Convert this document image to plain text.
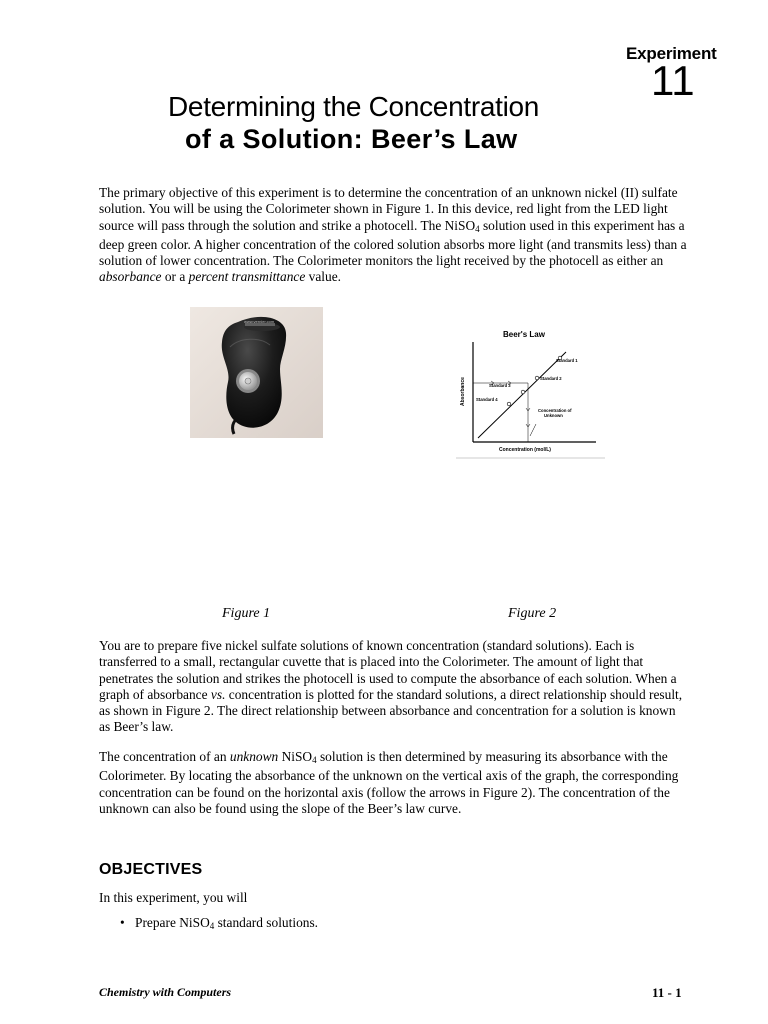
Experiment
11
Determining the Concentration
of a Solution: Beer’s Law
The primary objective of this experiment is to determine the concentration of an unknown nickel (II) sulfate solution. You will be using the Colorimeter shown in Figure 1. In this device, red light from the LED light source will pass through the solution and strike a photocell. The NiSO$_4$ solution used in this experiment has a deep green color. A higher concentration of the colored solution absorbs more light (and transmits less) than a solution of lower concentration. The Colorimeter monitors the light received by the photocell as either an absorbance or a percent transmittance value.
www.vernier.com
Beer's Law
Absorbance
Concentration (mol/L)
Standard 1
Standard 2
Standard 3
Standard 4
Concentration of
Unknown
Figure 1	Figure 2
You are to prepare five nickel sulfate solutions of known concentration (standard solutions). Each is transferred to a small, rectangular cuvette that is placed into the Colorimeter. The amount of light that penetrates the solution and strikes the photocell is used to compute the absorbance of each solution. When a graph of absorbance vs. concentration is plotted for the standard solutions, a direct relationship should result, as shown in Figure 2. The direct relationship between absorbance and concentration for a solution is known as Beer’s law.
The concentration of an unknown NiSO$_4$ solution is then determined by measuring its absorbance with the Colorimeter. By locating the absorbance of the unknown on the vertical axis of the graph, the corresponding concentration can be found on the horizontal axis (follow the arrows in Figure 2). The concentration of the unknown can also be found using the slope of the Beer’s law curve.
OBJECTIVES
In this experiment, you will
• Prepare NiSO$_4$ standard solutions.
Chemistry with Computers	11 - 1
